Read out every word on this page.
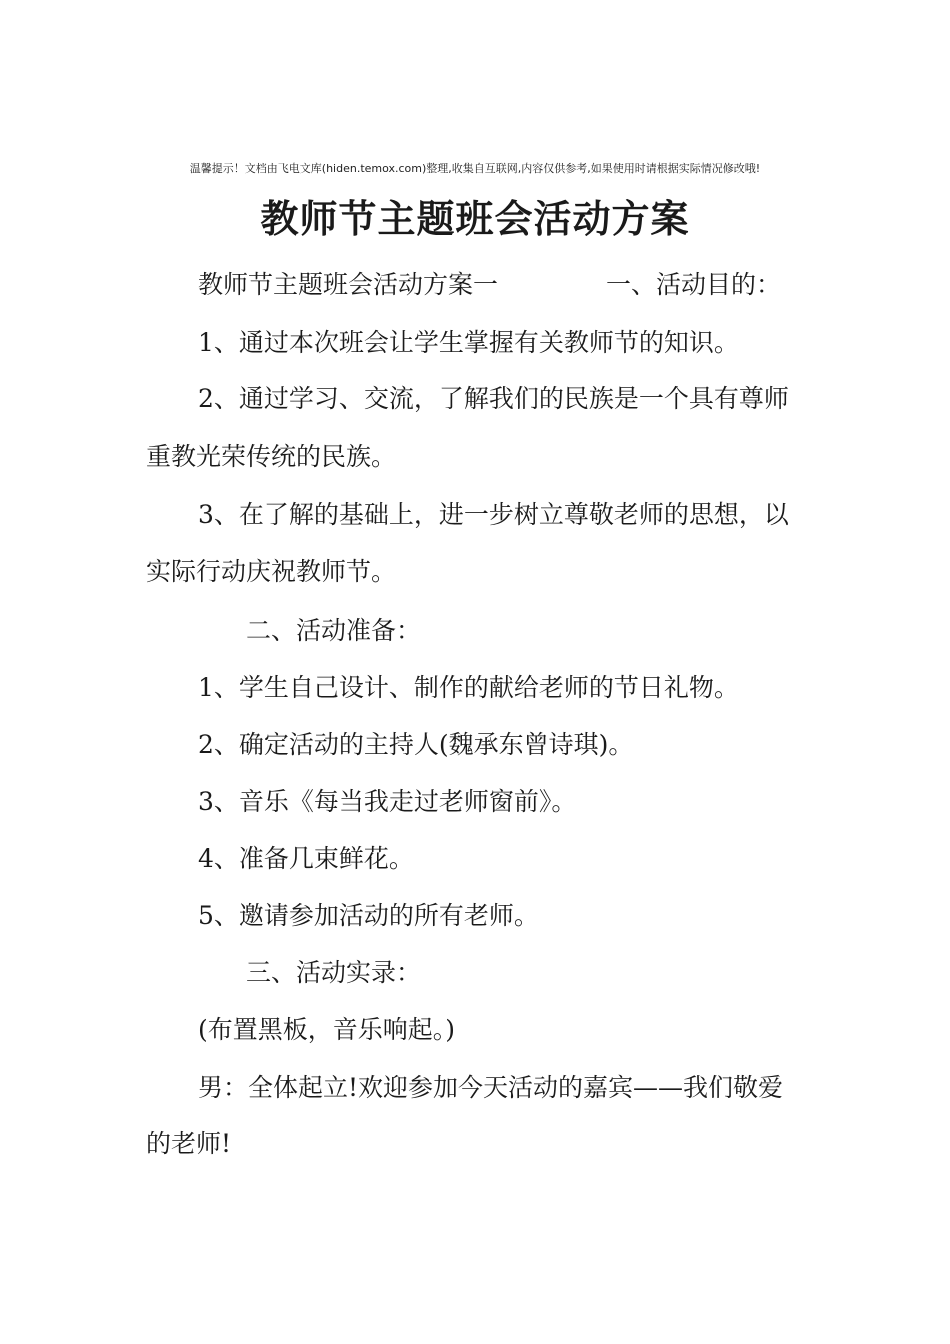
温馨提示！文档由飞电文库(hiden.temox.com)整理,收集自互联网,内容仅供参考,如果使用时请根据实际情况修改哦!
教师节主题班会活动方案
教师节主题班会活动方案一	一、活动目的：
1、通过本次班会让学生掌握有关教师节的知识。
2、通过学习、交流，了解我们的民族是一个具有尊师
重教光荣传统的民族。
3、在了解的基础上，进一步树立尊敬老师的思想，以
实际行动庆祝教师节。
二、活动准备：
1、学生自己设计、制作的献给老师的节日礼物。
2、确定活动的主持人(魏承东曾诗琪)。
3、音乐《每当我走过老师窗前》。
4、准备几束鲜花。
5、邀请参加活动的所有老师。
三、活动实录：
(布置黑板，音乐响起。)
男：全体起立!欢迎参加今天活动的嘉宾——我们敬爱
的老师!
